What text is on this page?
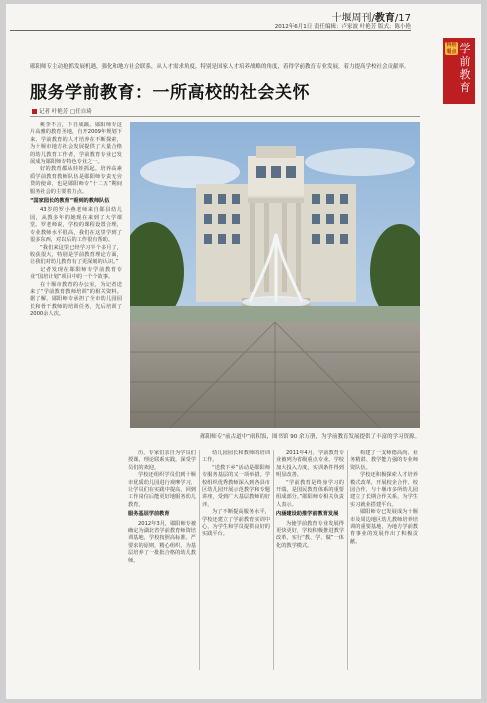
十堰周刊/教育/17
2012年6月1日 责任编辑：卢家波 叶艳芳 版式：陈小艳
特别看点 学前教育
郧阳师专主动抢抓发展机遇，强化和地方社会联系，从人才需求角度，特别是国家人才培养战略的角度，着得学前教育专业发展，着力提高学校社会贡献率。
服务学前教育：一所高校的社会关怀
记者 叶艳芳 □任自琦

桃李不言，下自成蹊。郧阳师专这片高雅的教育圣地，自开2009年规划下来，学前教育的人才培养在不断探索，为十堰市地方社会发展提供了大量合格的幼儿教育工作者，学前教育专业已发展成为郧阳师专特色专业之一。

好的教育都从娃娃抓起。培养高素质学前教育教师队伍是郧阳师专责无旁贷的使命，也是郧阳师专“十二五”期间服务社会的主要着力点。

“国家园长的教育”看到的教师队伍

43岁的罗小燕老师来自郧县幼儿园，从教多年的她现在来到了大学课堂。罗老师说，学校的课程设置合理，专业教师水平很高，我们在这里学到了很多东西，对以后的工作很有帮助。

“我们来这里已经学习半个多月了，收获很大，特别是学前教育理论方面，让我们对幼儿教育有了更深刻的认识。”

记者发现在郧阳师专学前教育专业“国培计划”项目中的一个个故事。

在十堰市教育的办公室，为记者送来了“学前教育教师培训”的相关资料。据了解，郧阳师专承担了全市幼儿园园长和骨干教师的培训任务，先后培训了2000余人次。

郧阳师专“前古道中”雨积饭，图书馆 90 余万册，为学前教育发展提供了丰富的学习资源。

历，专家们亲自为学员们授课，理论联系实践，深受学员们的欢迎。

学校还组织学员们到十堰市优质幼儿园进行观摩学习，让学员们在实践中提高，回到工作岗位后能更好地服务幼儿教育。

服务基层学前教育

2012年3月，郧阳师专被确定为湖北省学前教育师资培训基地，学校按照高标准、严要求的原则，精心组织，为基层培养了一批批合格的幼儿教师。

幼儿园园长和教师的培训工作。

“送教下乡”活动是郧阳师专服务基层的又一项举措。学校组织优秀教师深入到各县市区幼儿园开展示范教学和专题讲座，受到广大基层教师的好评。

为了不断提高服务水平，学校还建立了学前教育实训中心，为学生和学员提供良好的实践平台。

2011年4月，学前教育专业被列为省级重点专业。学校加大投入力度，实训条件得到明显改善。

“学前教育是终身学习的开端，是国民教育体系的重要组成部分。”郧阳师专相关负责人表示。

内涵建设助推学前教育发展

为使学前教育专业发展得更快更好，学校积极推进教学改革，实行“教、学、做”一体化的教学模式。

构建了一支师德高尚、业务精湛、教学能力强的专业师资队伍。

学校还积极探索人才培养模式改革，开展校企合作、校园合作，与十堰市多所幼儿园建立了长期合作关系，为学生实习就业搭建平台。

郧阳师专已发展成为十堰市及周边地区幼儿教师培养培训的重要基地，为地方学前教育事业的发展作出了积极贡献。
